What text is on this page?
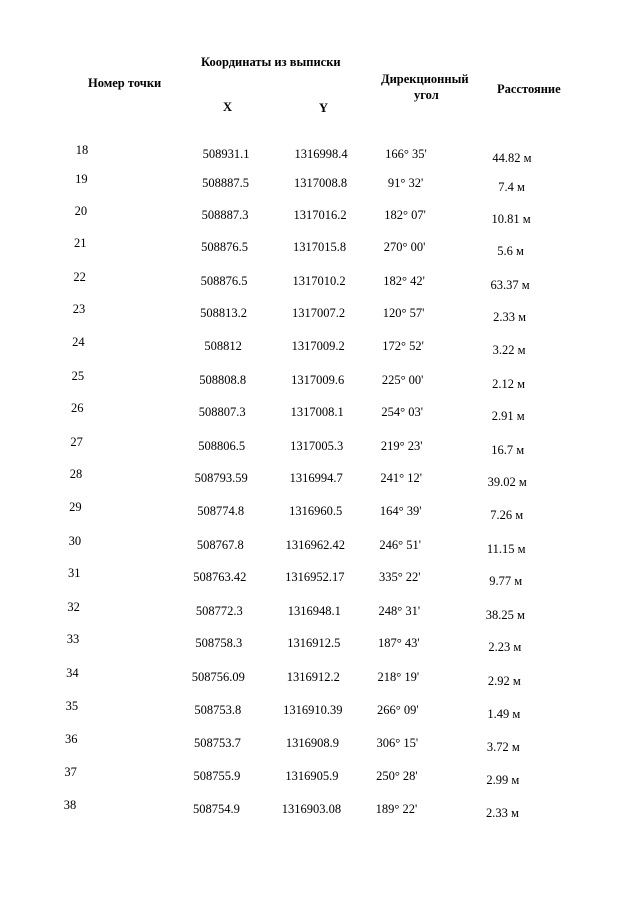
Номер точки
Координаты из выписки
X	Y
Дирекционный
угол	Расстояние
18	508931.1	1316998.4	166° 35'	44.82 м
19	508887.5	1317008.8	91° 32'	7.4 м
20	508887.3	1317016.2	182° 07'	10.81 м
21	508876.5	1317015.8	270° 00'	5.6 м
22	508876.5	1317010.2	182° 42'	63.37 м
23	508813.2	1317007.2	120° 57'	2.33 м
24	508812	1317009.2	172° 52'	3.22 м
25	508808.8	1317009.6	225° 00'	2.12 м
26	508807.3	1317008.1	254° 03'	2.91 м
27	508806.5	1317005.3	219° 23'	16.7 м
28	508793.59	1316994.7	241° 12'	39.02 м
29	508774.8	1316960.5	164° 39'	7.26 м
30	508767.8	1316962.42	246° 51'	11.15 м
31	508763.42	1316952.17	335° 22'	9.77 м
32	508772.3	1316948.1	248° 31'	38.25 м
33	508758.3	1316912.5	187° 43'	2.23 м
34	508756.09	1316912.2	218° 19'	2.92 м
35	508753.8	1316910.39	266° 09'	1.49 м
36	508753.7	1316908.9	306° 15'	3.72 м
37	508755.9	1316905.9	250° 28'	2.99 м
38	508754.9	1316903.08	189° 22'	2.33 м
